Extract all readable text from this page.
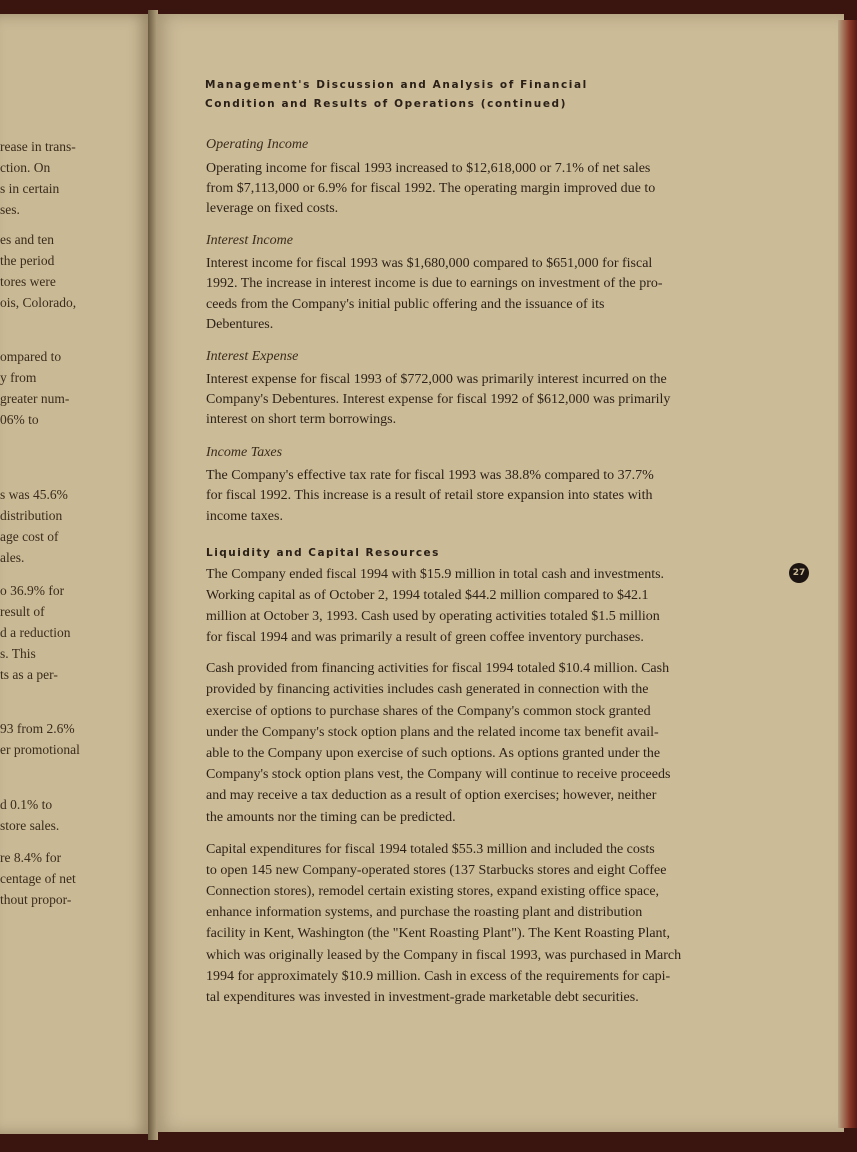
rease in trans-
ction. On
s in certain
ses.
es and ten
the period
tores were
ois, Colorado,
ompared to
y from
greater num-
06% to
s was 45.6%
distribution
age cost of
ales.
o 36.9% for
result of
d a reduction
s. This
ts as a per-
93 from 2.6%
er promotional
d 0.1% to
store sales.
re 8.4% for
centage of net
thout propor-
Management's Discussion and Analysis of Financial
Condition and Results of Operations (continued)
Operating Income
Operating income for fiscal 1993 increased to $12,618,000 or 7.1% of net sales
from $7,113,000 or 6.9% for fiscal 1992. The operating margin improved due to
leverage on fixed costs.
Interest Income
Interest income for fiscal 1993 was $1,680,000 compared to $651,000 for fiscal
1992. The increase in interest income is due to earnings on investment of the pro-
ceeds from the Company's initial public offering and the issuance of its
Debentures.
Interest Expense
Interest expense for fiscal 1993 of $772,000 was primarily interest incurred on the
Company's Debentures. Interest expense for fiscal 1992 of $612,000 was primarily
interest on short term borrowings.
Income Taxes
The Company's effective tax rate for fiscal 1993 was 38.8% compared to 37.7%
for fiscal 1992. This increase is a result of retail store expansion into states with
income taxes.
Liquidity and Capital Resources
The Company ended fiscal 1994 with $15.9 million in total cash and investments.
Working capital as of October 2, 1994 totaled $44.2 million compared to $42.1
million at October 3, 1993. Cash used by operating activities totaled $1.5 million
for fiscal 1994 and was primarily a result of green coffee inventory purchases.
Cash provided from financing activities for fiscal 1994 totaled $10.4 million. Cash
provided by financing activities includes cash generated in connection with the
exercise of options to purchase shares of the Company's common stock granted
under the Company's stock option plans and the related income tax benefit avail-
able to the Company upon exercise of such options. As options granted under the
Company's stock option plans vest, the Company will continue to receive proceeds
and may receive a tax deduction as a result of option exercises; however, neither
the amounts nor the timing can be predicted.
Capital expenditures for fiscal 1994 totaled $55.3 million and included the costs
to open 145 new Company-operated stores (137 Starbucks stores and eight Coffee
Connection stores), remodel certain existing stores, expand existing office space,
enhance information systems, and purchase the roasting plant and distribution
facility in Kent, Washington (the "Kent Roasting Plant"). The Kent Roasting Plant,
which was originally leased by the Company in fiscal 1993, was purchased in March
1994 for approximately $10.9 million. Cash in excess of the requirements for capi-
tal expenditures was invested in investment-grade marketable debt securities.
27
